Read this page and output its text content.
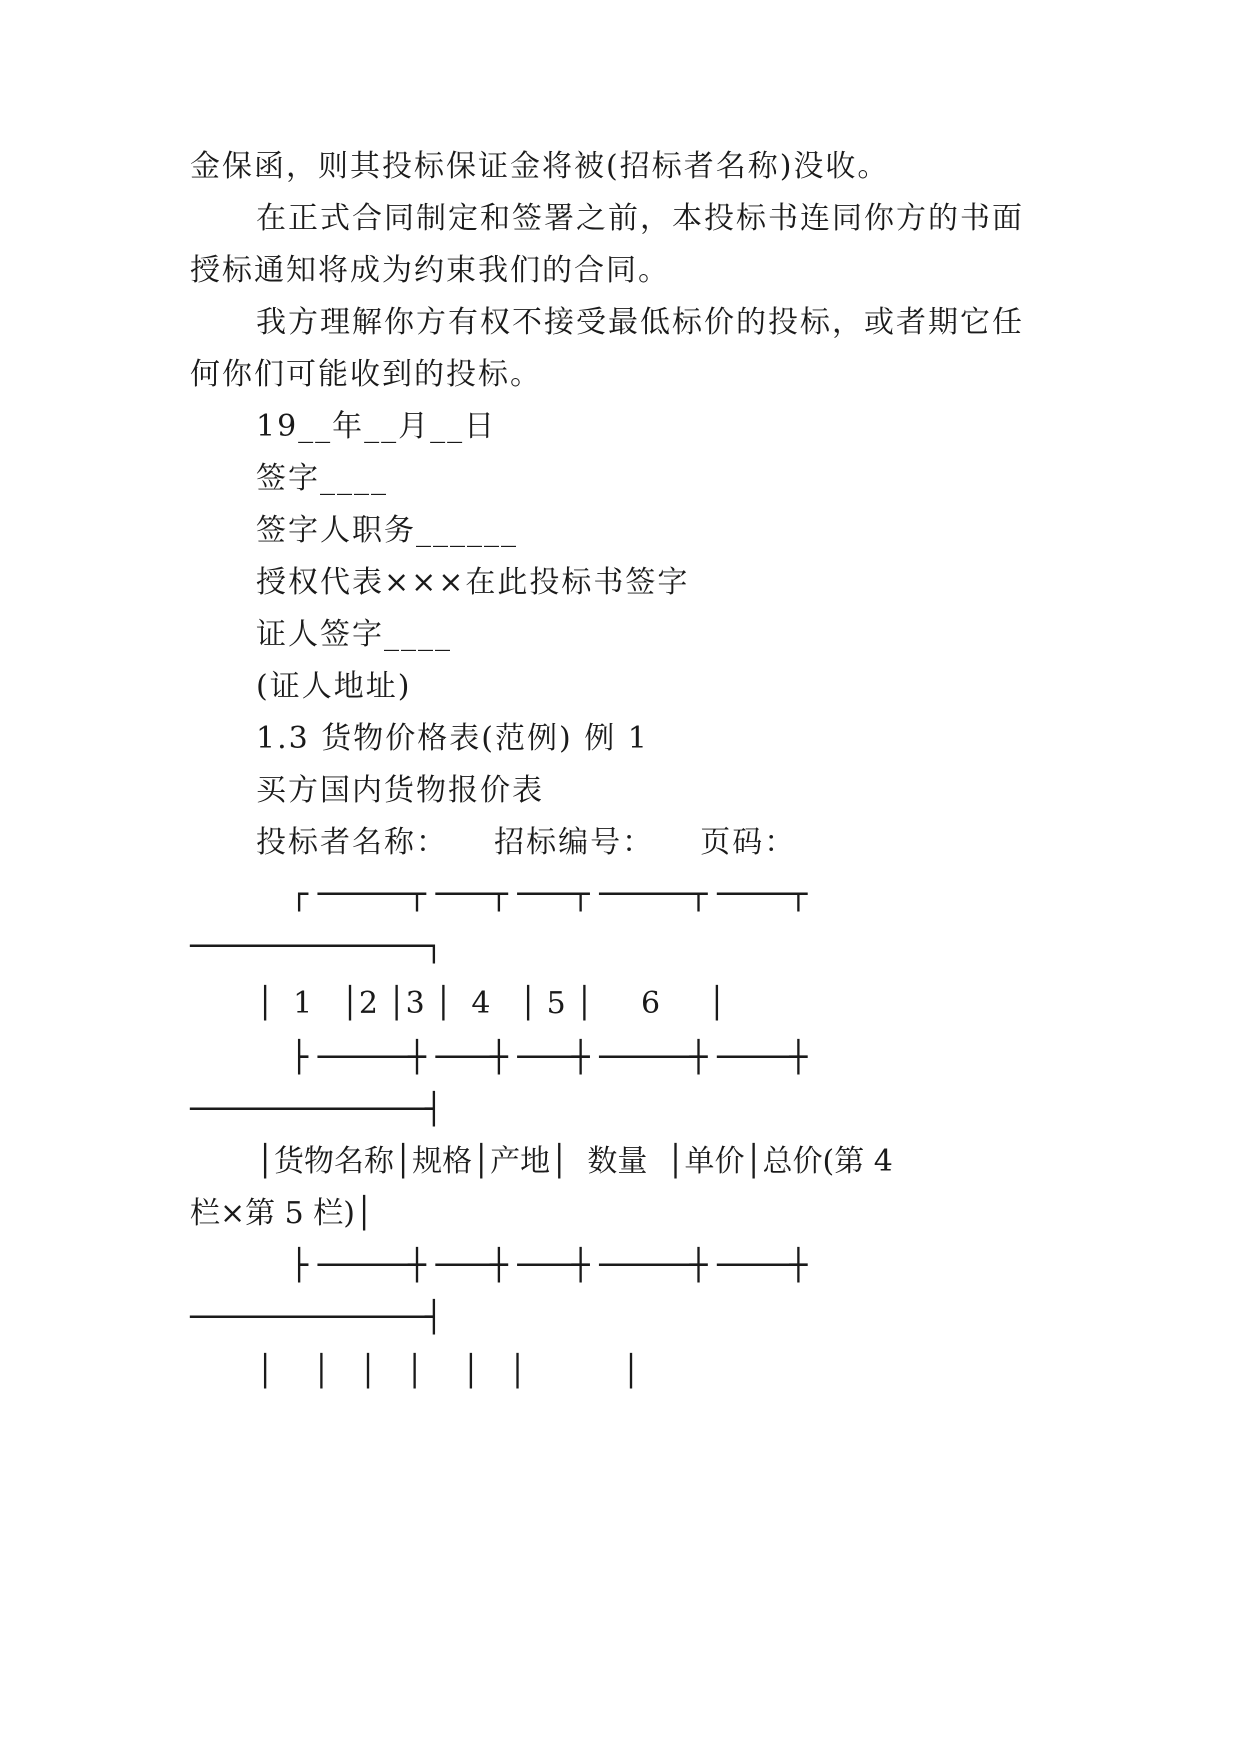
金保函，则其投标保证金将被(招标者名称)没收。
在正式合同制定和签署之前，本投标书连同你方的书面
授标通知将成为约束我们的合同。
我方理解你方有权不接受最低标价的投标，或者期它任
何你们可能收到的投标。
19__年__月__日
签字____
签字人职务______
授权代表×××在此投标书签字
证人签字____
(证人地址)
1.3 货物价格表(范例) 例 1
买方国内货物报价表
投标者名称：    招标编号：    页码：
┌ ─────┬ ───┬ ───┬ ─────┬ ────┬
─────────────┐
│  1   │2 │3 │  4   │ 5 │     6     │
├ ─────┼ ───┼ ───┼ ─────┼ ────┼
─────────────┤
│货物名称│规格│产地│  数量  │单价│总价(第 4
栏×第 5 栏)│
├ ─────┼ ───┼ ───┼ ─────┼ ────┼
─────────────┤
│    │   │   │    │   │          │
